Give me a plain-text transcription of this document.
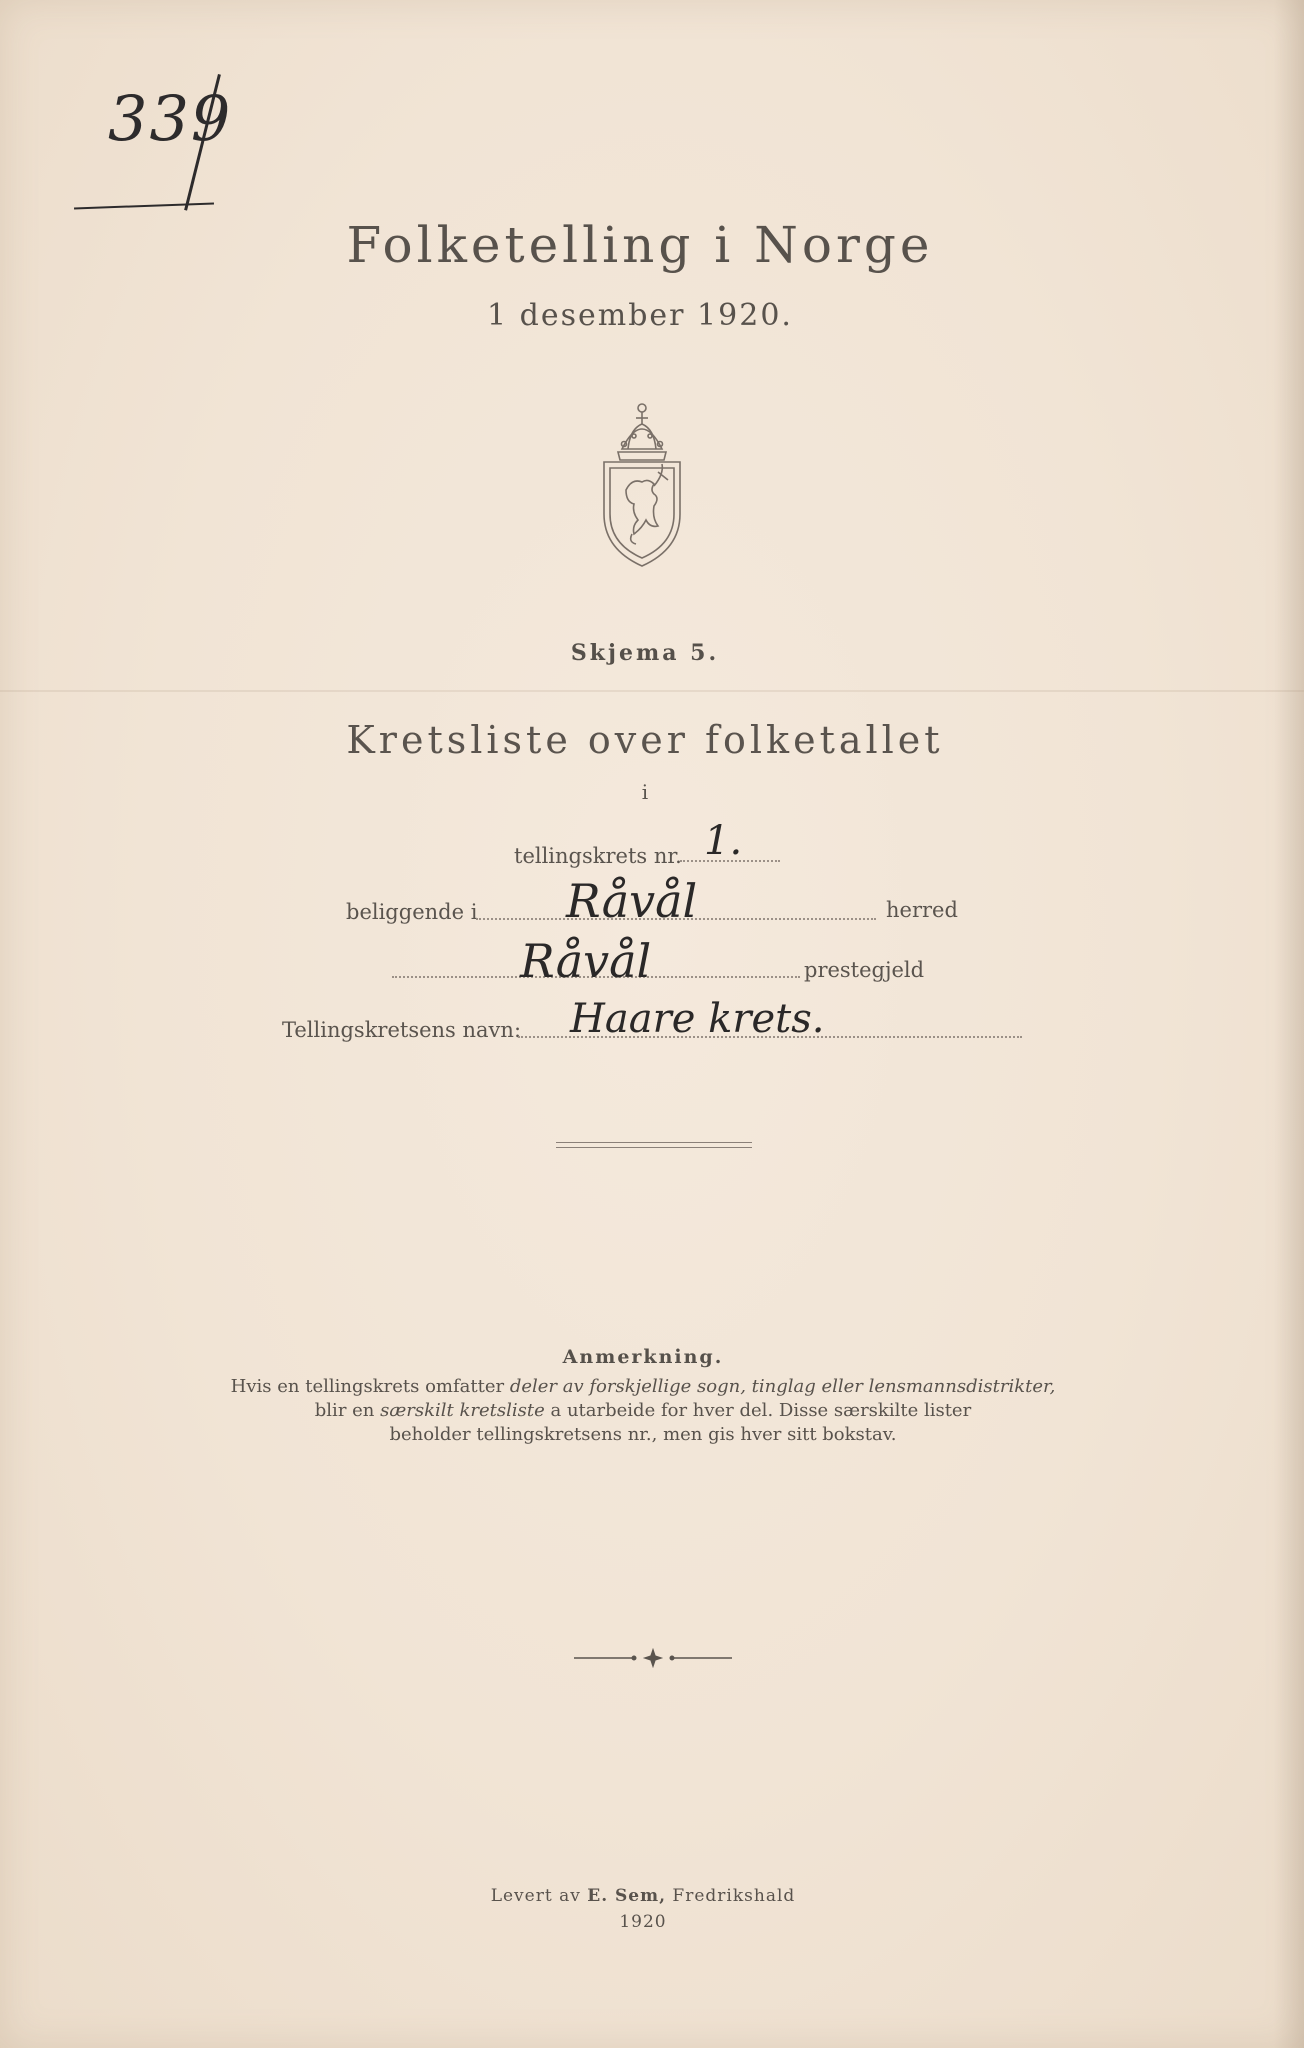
339
Folketelling i Norge
1 desember 1920.
Skjema 5.
Kretsliste over folketallet
i
tellingskrets nr. 1.
beliggende i Råvål	herred
Råvål	prestegjeld
Tellingskretsens navn: Haare krets.
Anmerkning.
Hvis en tellingskrets omfatter deler av forskjellige sogn, tinglag eller lensmannsdistrikter,
blir en særskilt kretsliste a utarbeide for hver del. Disse særskilte lister
beholder tellingskretsens nr., men gis hver sitt bokstav.
Levert av E. Sem, Fredrikshald
1920
